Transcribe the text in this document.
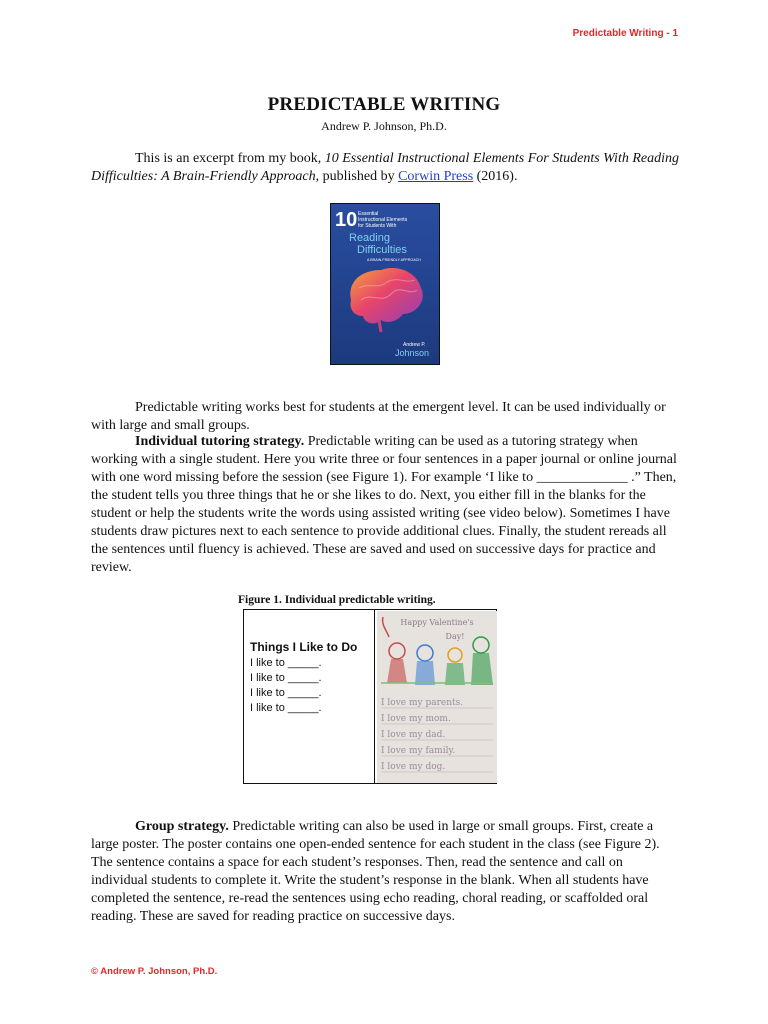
Predictable Writing - 1
PREDICTABLE WRITING
Andrew P. Johnson, Ph.D.

This is an excerpt from my book, 10 Essential Instructional Elements For Students With Reading Difficulties: A Brain-Friendly Approach, published by Corwin Press (2016).

10 Essential
Instructional Elements
for Students With
Reading
Difficulties
A BRAIN-FRIENDLY APPROACH
Andrew P.
Johnson

Predictable writing works best for students at the emergent level. It can be used individually or with large and small groups.

Individual tutoring strategy. Predictable writing can be used as a tutoring strategy when working with a single student. Here you write three or four sentences in a paper journal or online journal with one word missing before the session (see Figure 1). For example ‘I like to _____________ .” Then, the student tells you three things that he or she likes to do. Next, you either fill in the blanks for the student or help the students write the words using assisted writing (see video below). Sometimes I have students draw pictures next to each sentence to provide additional clues. Finally, the student rereads all the sentences until fluency is achieved. These are saved and used on successive days for practice and review.

Figure 1. Individual predictable writing.
Things I Like to Do
I like to _____.
I like to _____.
I like to _____.
I like to _____.
Happy Valentine's
Day!
I love my parents.
I love my mom.
I love my dad.
I love my family.
I love my dog.

Group strategy. Predictable writing can also be used in large or small groups. First, create a large poster. The poster contains one open-ended sentence for each student in the class (see Figure 2). The sentence contains a space for each student’s responses. Then, read the sentence and call on individual students to complete it. Write the student’s response in the blank. When all students have completed the sentence, re-read the sentences using echo reading, choral reading, or scaffolded oral reading. These are saved for reading practice on successive days.

© Andrew P. Johnson, Ph.D.
